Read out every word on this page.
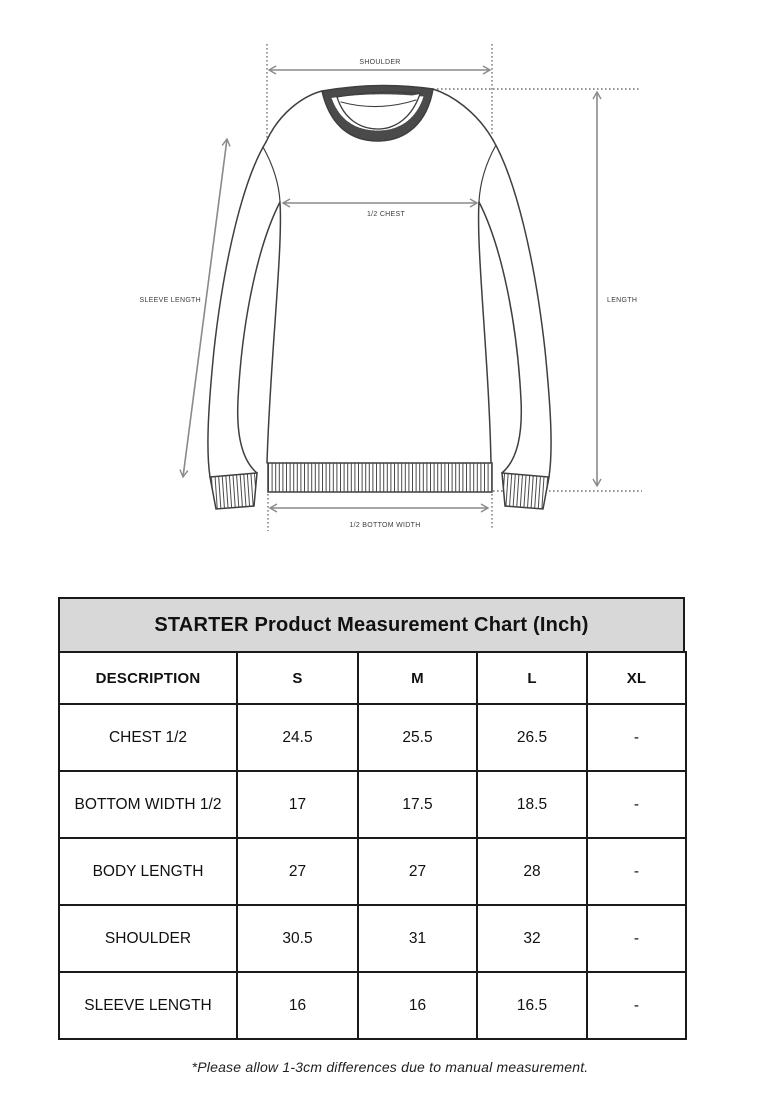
SHOULDER
1/2 CHEST
SLEEVE LENGTH	LENGTH
1/2 BOTTOM WIDTH
STARTER Product Measurement Chart (Inch)
DESCRIPTION	S	M	L	XL
CHEST 1/2	24.5	25.5	26.5	-
BOTTOM WIDTH 1/2	17	17.5	18.5	-
BODY LENGTH	27	27	28	-
SHOULDER	30.5	31	32	-
SLEEVE LENGTH	16	16	16.5	-
*Please allow 1-3cm differences due to manual measurement.
